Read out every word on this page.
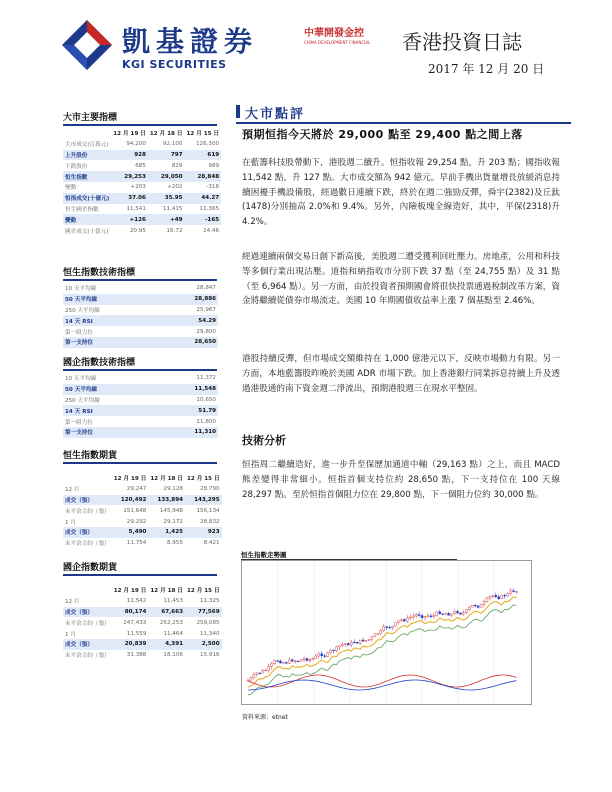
凱基證券
KGI SECURITIES
中華開發金控
CHINA DEVELOPMENT FINANCIAL	香港投資日誌
2017 年 12 月 20 日
大市主要指標
	12 月 19 日	12 月 18 日	12 月 15 日
大市成交(百萬元)	94,200	92,100	126,300
上升股份	928	797	619
下跌股份	685	829	989
恒生指數	29,253	29,050	28,848
變動	+203	+202	-318
恒指成交(十億元)	37.06	35.95	44.27
恒生國企指數	11,541	11,415	11,365
變動	+126	+49	-165
國企成交(十億元)	20.95	16.72	24.46
恒生指數技術指標
10 天平均線	28,847
50 天平均線	28,886
250 天平均線	25,967
14 天 RSI	54.29
第一阻力位	29,800
第一支持位	28,650
國企指數技術指標
10 天平均線	11,372
50 天平均線	11,548
250 天平均線	10,650
14 天 RSI	51.79
第一阻力位	11,800
第一支持位	11,310
恒生指數期貨
	12 月 19 日	12 月 18 日	12 月 15 日
12 月	29,247	29,128	28,790
成交（張）	120,492	133,894	143,295
未平倉合約（張）	151,648	145,948	156,134
1 月	29,292	29,172	28,832
成交（張）	5,490	1,425	923
未平倉合約（張）	11,754	8,955	8,421
國企指數期貨
	12 月 19 日	12 月 18 日	12 月 15 日
12 月	11,542	11,453	11,325
成交（張）	80,174	67,663	77,569
未平倉合約（張）	247,433	252,253	259,085
1 月	11,559	11,464	11,340
成交（張）	20,839	4,391	2,500
未平倉合約（張）	31,388	18,106	15,916
大市點評
預期恒指今天將於 29,000 點至 29,400 點之間上落
在藍籌科技股帶動下，港股週二續升。恒指收報 29,254 點，升 203 點；國指收報 11,542 點，升 127 點。大市成交額為 942 億元。早前手機出貨量增長放緩消息持續困擾手機設備股，經過數日連續下跌，終於在週二強勁反彈，舜宇(2382)及丘鈦(1478)分別抽高 2.0%和 9.4%。另外，內險板塊全線造好，其中，平保(2318)升 4.2%。
經過連續兩個交易日創下新高後，美股週二遭受獲利回吐壓力。房地產，公用和科技等多個行業出現沽壓。道指和納指收市分別下跌 37 點（至 24,755 點）及 31 點（至 6,964 點）。另一方面，由於投資者預期國會將很快投票通過稅制改革方案，資金將繼續從債券市場流走。美國 10 年期國債收益率上漲 7 個基點至 2.46%。
港股持續反彈，但市場成交額維持在 1,000 億港元以下，反映市場動力有限。另一方面，本地藍籌股昨晚於美國 ADR 市場下跌。加上香港銀行同業拆息持續上升及透過港股通的南下資金週二淨流出，預期港股週三在現水平整固。
技術分析
恒指周二繼續造好，進一步升至保歷加通道中軸（29,163 點）之上，而且 MACD 熊差變得非常細小。恒指首個支持位約 28,650 點，下一支持位在 100 天線 28,297 點。至於恒指首個阻力位在 29,800 點，下一個阻力位約 30,000 點。
恒生指數走勢圖
資料來源：etnet
